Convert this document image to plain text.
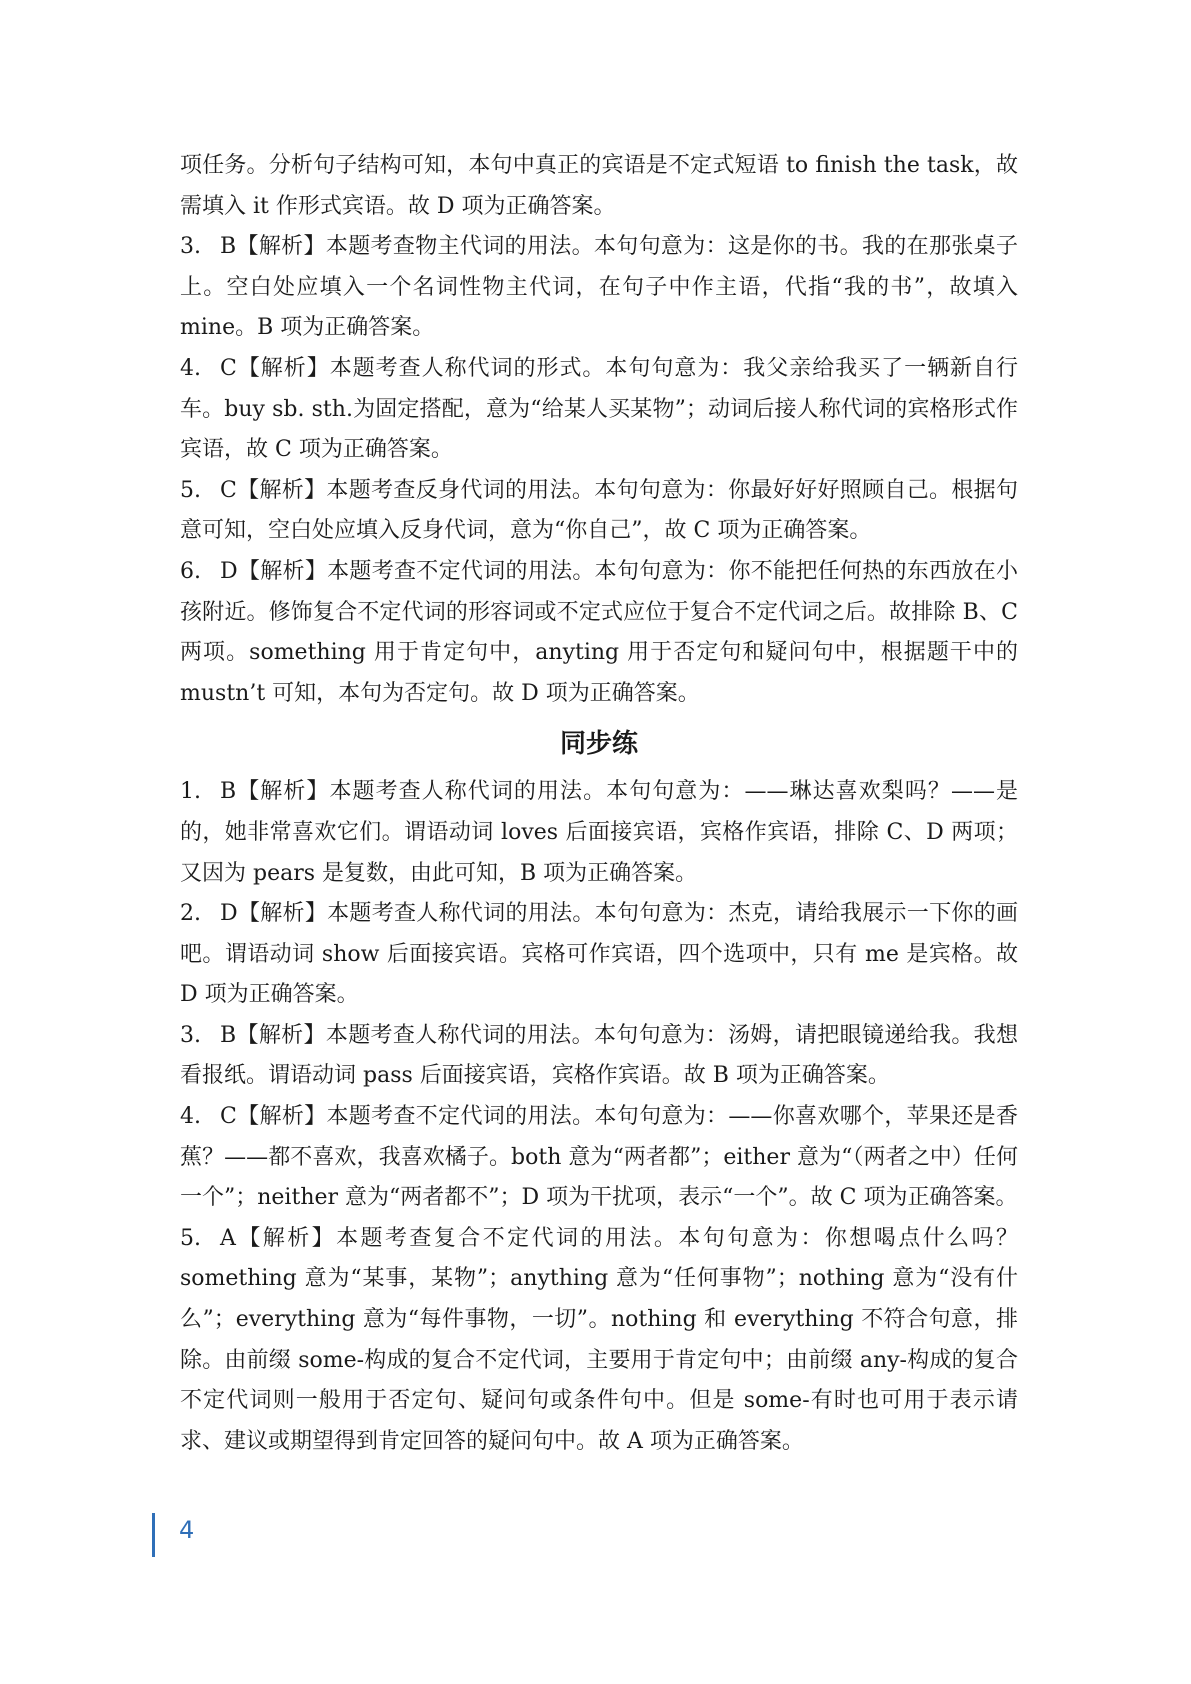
项任务。分析句子结构可知，本句中真正的宾语是不定式短语 to finish the task，故需填入 it 作形式宾语。故 D 项为正确答案。

3. B【解析】本题考查物主代词的用法。本句句意为：这是你的书。我的在那张桌子上。空白处应填入一个名词性物主代词，在句子中作主语，代指“我的书”，故填入 mine。B 项为正确答案。

4. C【解析】本题考查人称代词的形式。本句句意为：我父亲给我买了一辆新自行车。buy sb. sth.为固定搭配，意为“给某人买某物”；动词后接人称代词的宾格形式作宾语，故 C 项为正确答案。

5. C【解析】本题考查反身代词的用法。本句句意为：你最好好好照顾自己。根据句意可知，空白处应填入反身代词，意为“你自己”，故 C 项为正确答案。

6. D【解析】本题考查不定代词的用法。本句句意为：你不能把任何热的东西放在小孩附近。修饰复合不定代词的形容词或不定式应位于复合不定代词之后。故排除 B、C 两项。something 用于肯定句中，anyting 用于否定句和疑问句中，根据题干中的 mustn’t 可知，本句为否定句。故 D 项为正确答案。

同步练

1. B【解析】本题考查人称代词的用法。本句句意为：——琳达喜欢梨吗？——是的，她非常喜欢它们。谓语动词 loves 后面接宾语，宾格作宾语，排除 C、D 两项；又因为 pears 是复数，由此可知，B 项为正确答案。

2. D【解析】本题考查人称代词的用法。本句句意为：杰克，请给我展示一下你的画吧。谓语动词 show 后面接宾语。宾格可作宾语，四个选项中，只有 me 是宾格。故 D 项为正确答案。

3. B【解析】本题考查人称代词的用法。本句句意为：汤姆，请把眼镜递给我。我想看报纸。谓语动词 pass 后面接宾语，宾格作宾语。故 B 项为正确答案。

4. C【解析】本题考查不定代词的用法。本句句意为：——你喜欢哪个，苹果还是香蕉？——都不喜欢，我喜欢橘子。both 意为“两者都”；either 意为“（两者之中）任何一个”；neither 意为“两者都不”；D 项为干扰项，表示“一个”。故 C 项为正确答案。

5. A【解析】本题考查复合不定代词的用法。本句句意为：你想喝点什么吗？something 意为“某事，某物”；anything 意为“任何事物”；nothing 意为“没有什么”；everything 意为“每件事物，一切”。nothing 和 everything 不符合句意，排除。由前缀 some-构成的复合不定代词，主要用于肯定句中；由前缀 any-构成的复合不定代词则一般用于否定句、疑问句或条件句中。但是 some-有时也可用于表示请求、建议或期望得到肯定回答的疑问句中。故 A 项为正确答案。

4
